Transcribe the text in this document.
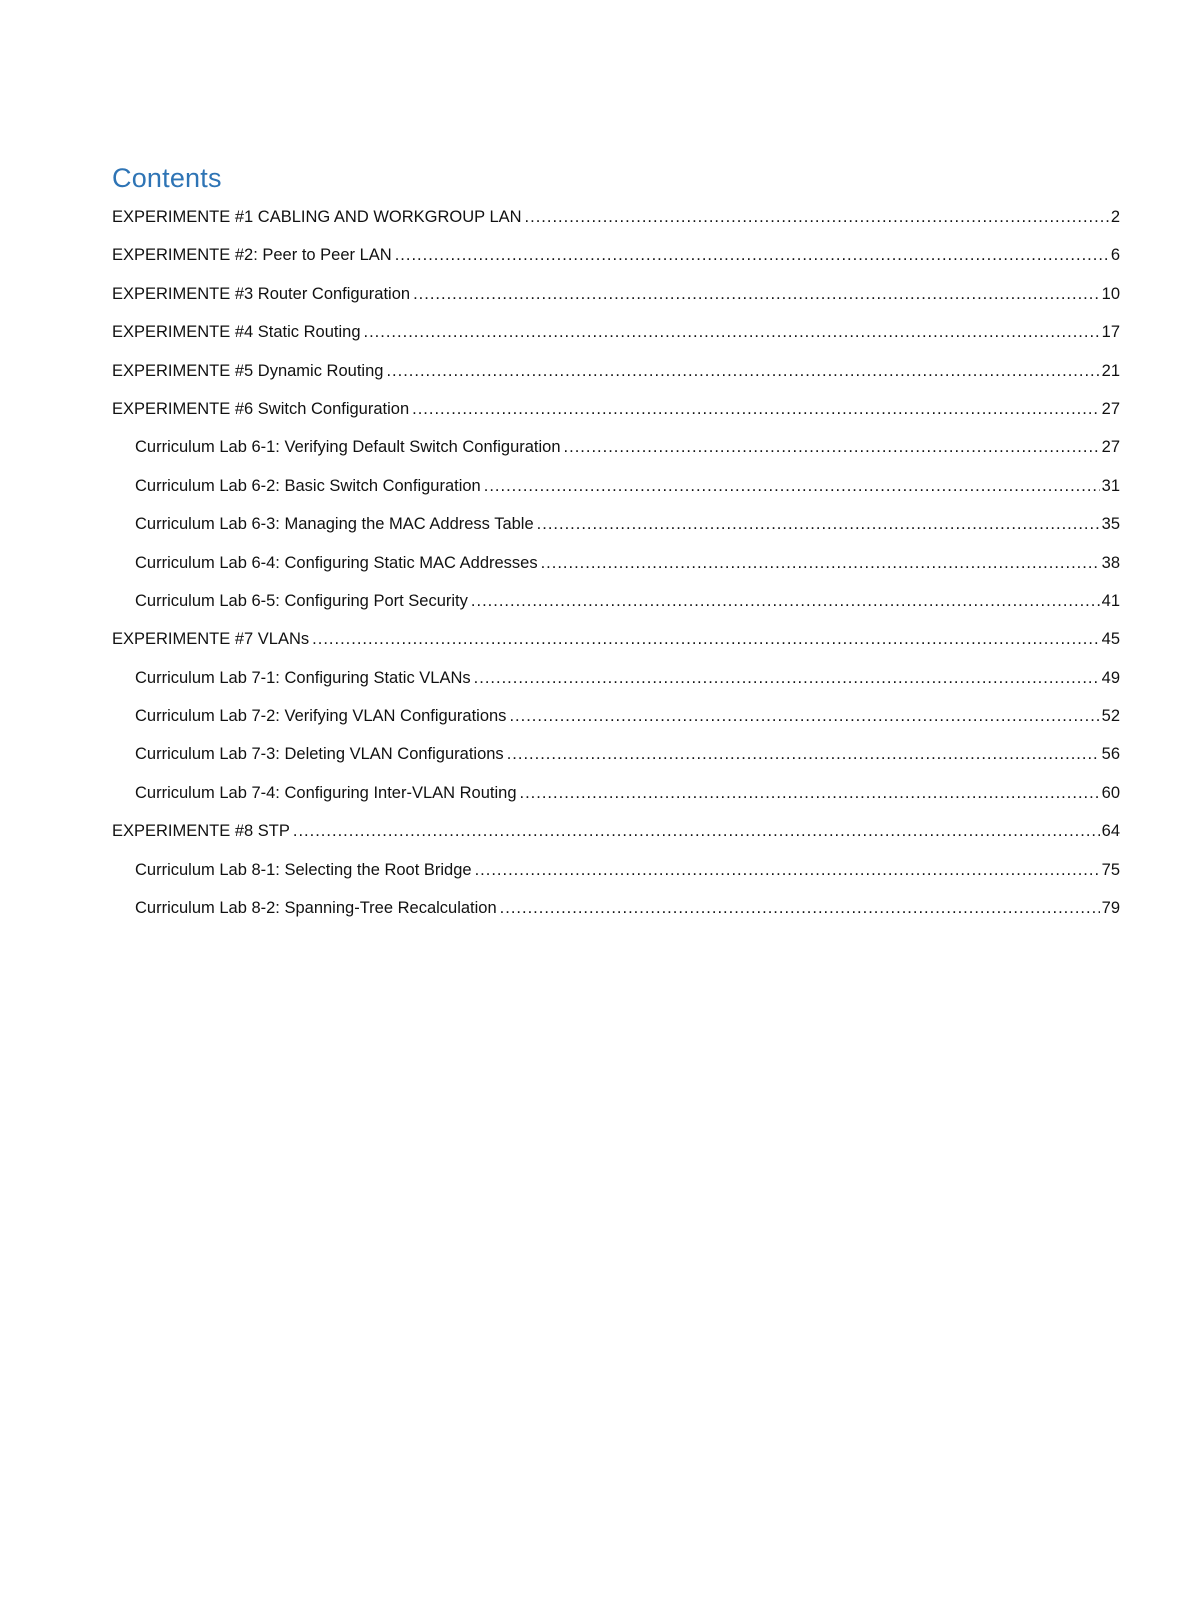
Contents
EXPERIMENTE #1 CABLING AND WORKGROUP LAN .....	2
EXPERIMENTE #2: Peer to Peer LAN .....	6
EXPERIMENTE #3 Router Configuration .....	10
EXPERIMENTE #4 Static Routing .....	17
EXPERIMENTE #5 Dynamic Routing .....	21
EXPERIMENTE #6 Switch Configuration .....	27
Curriculum Lab 6-1: Verifying Default Switch Configuration .....	27
Curriculum Lab 6-2: Basic Switch Configuration .....	31
Curriculum Lab 6-3: Managing the MAC Address Table .....	35
Curriculum Lab 6-4: Configuring Static MAC Addresses .....	38
Curriculum Lab 6-5: Configuring Port Security .....	41
EXPERIMENTE #7 VLANs .....	45
Curriculum Lab 7-1: Configuring Static VLANs .....	49
Curriculum Lab 7-2: Verifying VLAN Configurations .....	52
Curriculum Lab 7-3: Deleting VLAN Configurations .....	56
Curriculum Lab 7-4: Configuring Inter-VLAN Routing .....	60
EXPERIMENTE #8 STP .....	64
Curriculum Lab 8-1: Selecting the Root Bridge .....	75
Curriculum Lab 8-2: Spanning-Tree Recalculation .....	79
